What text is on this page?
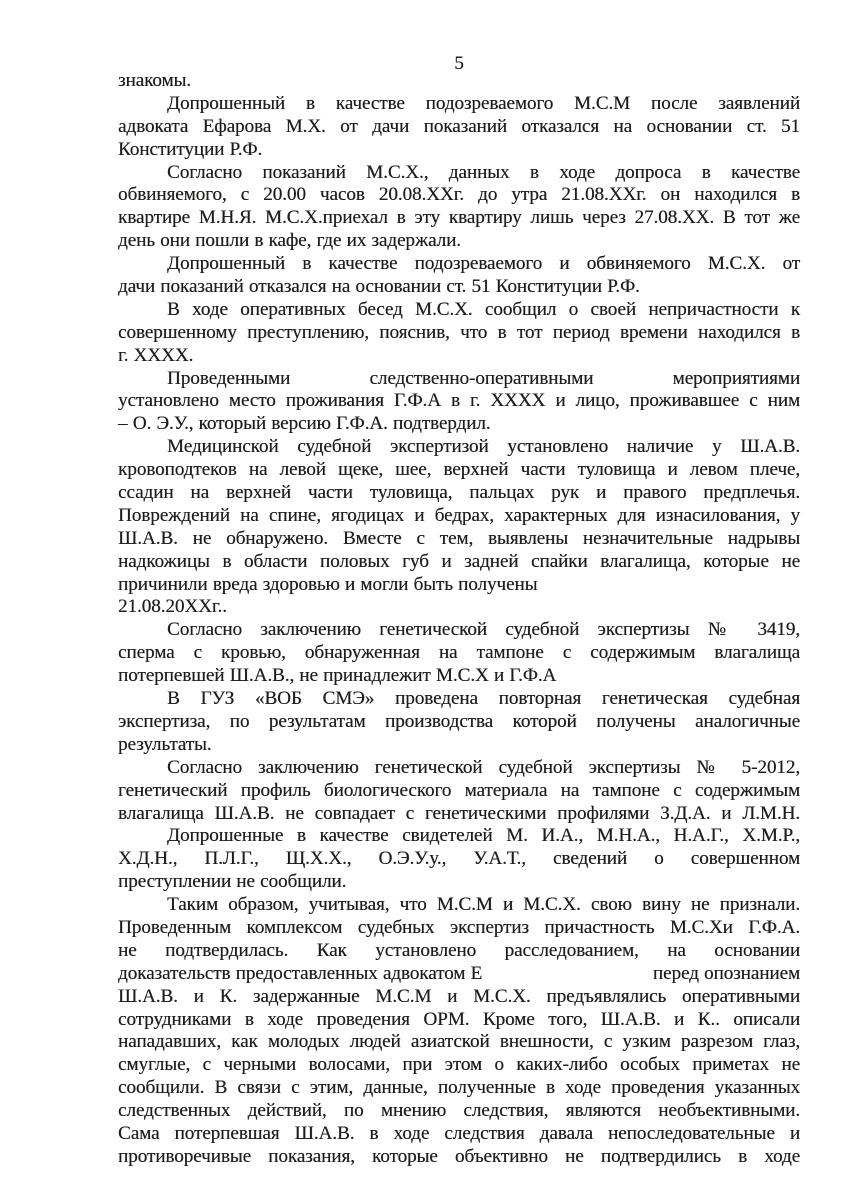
5
знакомы.
Допрошенный в качестве подозреваемого М.С.М после заявлений
адвоката Ефарова М.Х. от дачи показаний отказался на основании ст. 51
Конституции Р.Ф.
Согласно показаний М.С.Х., данных в ходе допроса в качестве
обвиняемого, с 20.00 часов 20.08.ХХг. до утра 21.08.ХХг. он находился в
квартире М.Н.Я. М.С.Х.приехал в эту квартиру лишь через 27.08.ХХ. В тот же
день они пошли в кафе, где их задержали.
Допрошенный в качестве подозреваемого и обвиняемого М.С.Х. от
дачи показаний отказался на основании ст. 51 Конституции Р.Ф.
В ходе оперативных бесед М.С.Х. сообщил о своей непричастности к
совершенному преступлению, пояснив, что в тот период времени находился в
г. ХХХХ.
Проведенными следственно-оперативными мероприятиями
установлено место проживания Г.Ф.А в г. ХХХХ и лицо, проживавшее с ним
– О. Э.У., который версию Г.Ф.А. подтвердил.
Медицинской судебной экспертизой установлено наличие у Ш.А.В.
кровоподтеков на левой щеке, шее, верхней части туловища и левом плече,
ссадин на верхней части туловища, пальцах рук и правого предплечья.
Повреждений на спине, ягодицах и бедрах, характерных для изнасилования, у
Ш.А.В. не обнаружено. Вместе с тем, выявлены незначительные надрывы
надкожицы в области половых губ и задней спайки влагалища, которые не
причинили вреда здоровью и могли быть получены
21.08.20ХХг..
Согласно заключению генетической судебной экспертизы № 3419,
сперма с кровью, обнаруженная на тампоне с содержимым влагалища
потерпевшей Ш.А.В., не принадлежит М.С.Х и Г.Ф.А
В ГУЗ «ВОБ СМЭ» проведена повторная генетическая судебная
экспертиза, по результатам производства которой получены аналогичные
результаты.
Согласно заключению генетической судебной экспертизы № 5-2012,
генетический профиль биологического материала на тампоне с содержимым
влагалища Ш.А.В. не совпадает с генетическими профилями З.Д.А. и Л.М.Н.
Допрошенные в качестве свидетелей М. И.А., М.Н.А., Н.А.Г., Х.М.Р.,
Х.Д.Н., П.Л.Г., Щ.Х.Х., О.Э.У.у., У.А.Т., сведений о совершенном
преступлении не сообщили.
Таким образом, учитывая, что М.С.М и М.С.Х. свою вину не признали.
Проведенным комплексом судебных экспертиз причастность М.С.Хи Г.Ф.А.
не подтвердилась. Как установлено расследованием, на основании
доказательств предоставленных адвокатом Е	перед опознанием
Ш.А.В. и К. задержанные М.С.М и М.С.Х. предъявлялись оперативными
сотрудниками в ходе проведения ОРМ. Кроме того, Ш.А.В. и К.. описали
нападавших, как молодых людей азиатской внешности, с узким разрезом глаз,
смуглые, с черными волосами, при этом о каких-либо особых приметах не
сообщили. В связи с этим, данные, полученные в ходе проведения указанных
следственных действий, по мнению следствия, являются необъективными.
Сама потерпевшая Ш.А.В. в ходе следствия давала непоследовательные и
противоречивые показания, которые объективно не подтвердились в ходе
